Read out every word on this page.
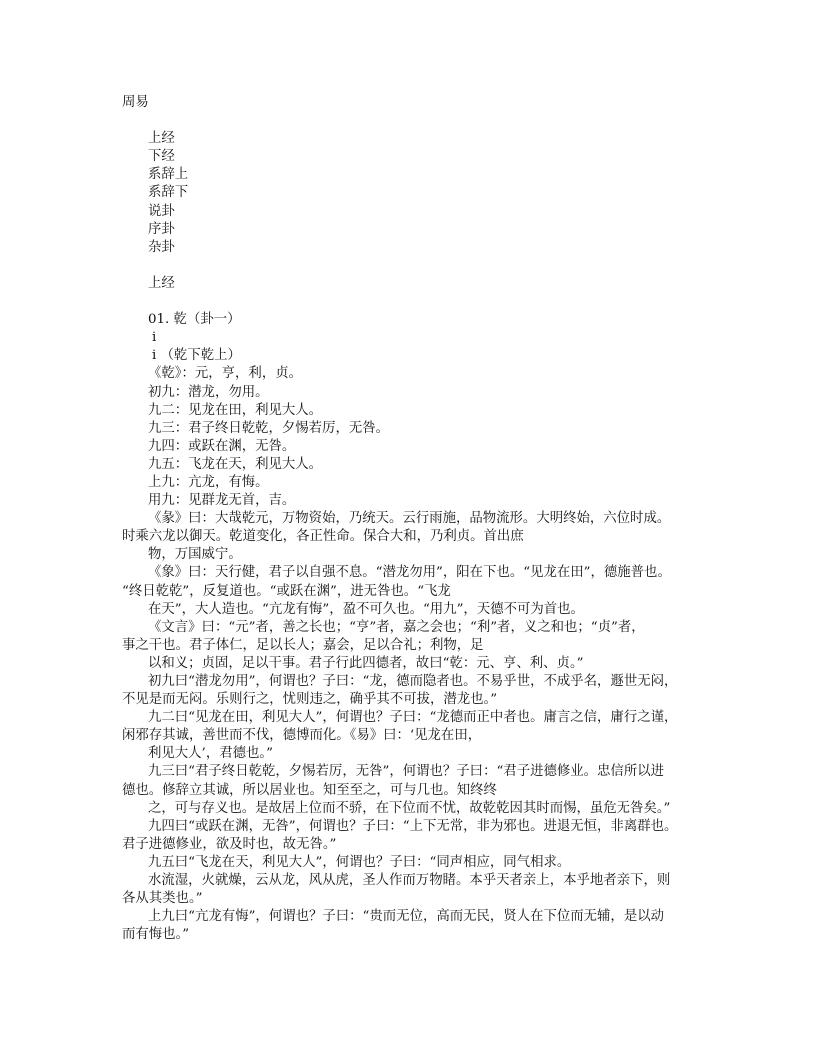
周易
上经
下经
系辞上
系辞下
说卦
序卦
杂卦
上经
01. 乾（卦一）
i
i （乾下乾上）
《乾》：元，亨，利，贞。
初九：潜龙，勿用。
九二：见龙在田，利见大人。
九三：君子终日乾乾，夕惕若厉，无咎。
九四：或跃在渊，无咎。
九五：飞龙在天，利见大人。
上九：亢龙，有悔。
用九：见群龙无首，吉。
《彖》曰：大哉乾元，万物资始，乃统天。云行雨施，品物流形。大明终始，六位时成。
时乘六龙以御天。乾道变化，各正性命。保合大和，乃利贞。首出庶
物，万国威宁。
《象》曰：天行健，君子以自强不息。“潜龙勿用”，阳在下也。“见龙在田”，德施普也。
“终日乾乾”，反复道也。“或跃在渊”，进无咎也。“飞龙
在天”，大人造也。“亢龙有悔”，盈不可久也。“用九”，天德不可为首也。
《文言》曰：“元”者，善之长也；“亨”者，嘉之会也；“利”者，义之和也；“贞”者，
事之干也。君子体仁，足以长人；嘉会，足以合礼；利物，足
以和义；贞固，足以干事。君子行此四德者，故曰“乾：元、亨、利、贞。”
初九曰“潜龙勿用”，何谓也？子曰：“龙，德而隐者也。不易乎世，不成乎名，遯世无闷，
不见是而无闷。乐则行之，忧则违之，确乎其不可拔，潜龙也。”
九二曰“见龙在田，利见大人”，何谓也？子曰：“龙德而正中者也。庸言之信，庸行之谨，
闲邪存其诚，善世而不伐，德博而化。《易》曰：‘见龙在田，
利见大人’，君德也。”
九三曰“君子终日乾乾，夕惕若厉，无咎”，何谓也？子曰：“君子进德修业。忠信所以进
德也。修辞立其诚，所以居业也。知至至之，可与几也。知终终
之，可与存义也。是故居上位而不骄，在下位而不忧，故乾乾因其时而惕，虽危无咎矣。”
九四曰“或跃在渊，无咎”，何谓也？子曰：“上下无常，非为邪也。进退无恒，非离群也。
君子进德修业，欲及时也，故无咎。”
九五曰“飞龙在天，利见大人”，何谓也？子曰：“同声相应，同气相求。
水流湿，火就燥，云从龙，风从虎，圣人作而万物睹。本乎天者亲上，本乎地者亲下，则
各从其类也。”
上九曰“亢龙有悔”，何谓也？子曰：“贵而无位，高而无民，贤人在下位而无辅，是以动
而有悔也。”
